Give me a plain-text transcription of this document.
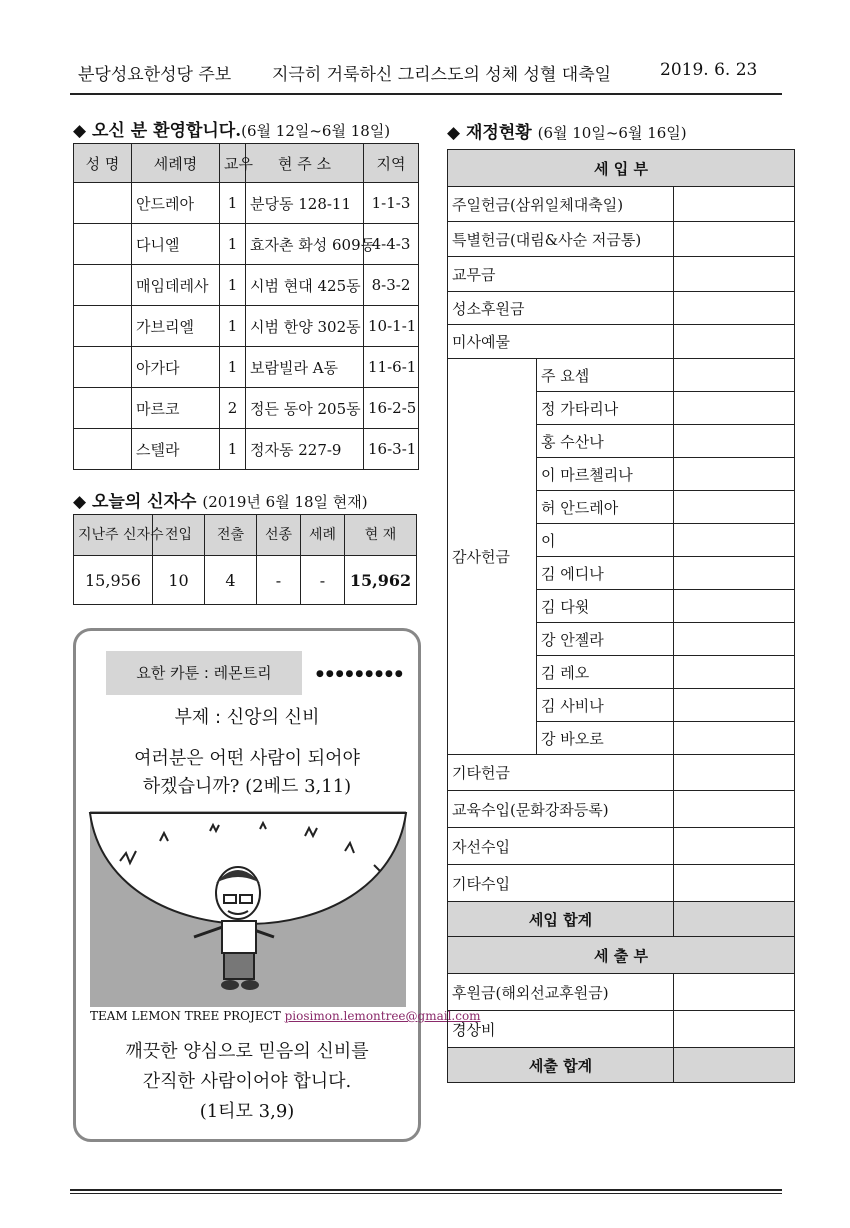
분당성요한성당 주보 지극히 거룩하신 그리스도의 성체 성혈 대축일	2019. 6. 23
◆ 오신 분 환영합니다.(6월 12일~6월 18일)
성 명	세례명	교우	현 주 소	지역
	안드레아	1	분당동 128-11	1-1-3
	다니엘	1	효자촌 화성 609동	4-4-3
	매임데레사	1	시범 현대 425동	8-3-2
	가브리엘	1	시범 한양 302동	10-1-1
	아가다	1	보람빌라 A동	11-6-1
	마르코	2	정든 동아 205동	16-2-5
	스텔라	1	정자동 227-9	16-3-1
◆ 오늘의 신자수 (2019년 6월 18일 현재)
지난주 신자수	전입	전출	선종	세례	현 재
15,956	10	4	-	-	15,962
요한 카툰 : 레몬트리	●●●●●●●●●
부제 : 신앙의 신비
여러분은 어떤 사람이 되어야
하겠습니까? (2베드 3,11)
TEAM LEMON TREE PROJECT piosimon.lemontree@gmail.com
깨끗한 양심으로 믿음의 신비를
간직한 사람이어야 합니다.
(1티모 3,9)
◆ 재정현황 (6월 10일~6월 16일)
세 입 부		
주일헌금(삼위일체대축일)		
특별헌금(대림&사순 저금통)		
교무금		
성소후원금		
미사예물		
감사헌금	주 요셉	
	정 가타리나	
	홍 수산나	
	이 마르첼리나	
	허 안드레아	
	이	
	김 에디나	
	김 다윗	
	강 안젤라	
	김 레오	
	김 사비나	
	강 바오로	
기타헌금		
교육수입(문화강좌등록)		
자선수입		
기타수입		
세입 합계		
세 출 부		
후원금(해외선교후원금)		
경상비		
세출 합계		
